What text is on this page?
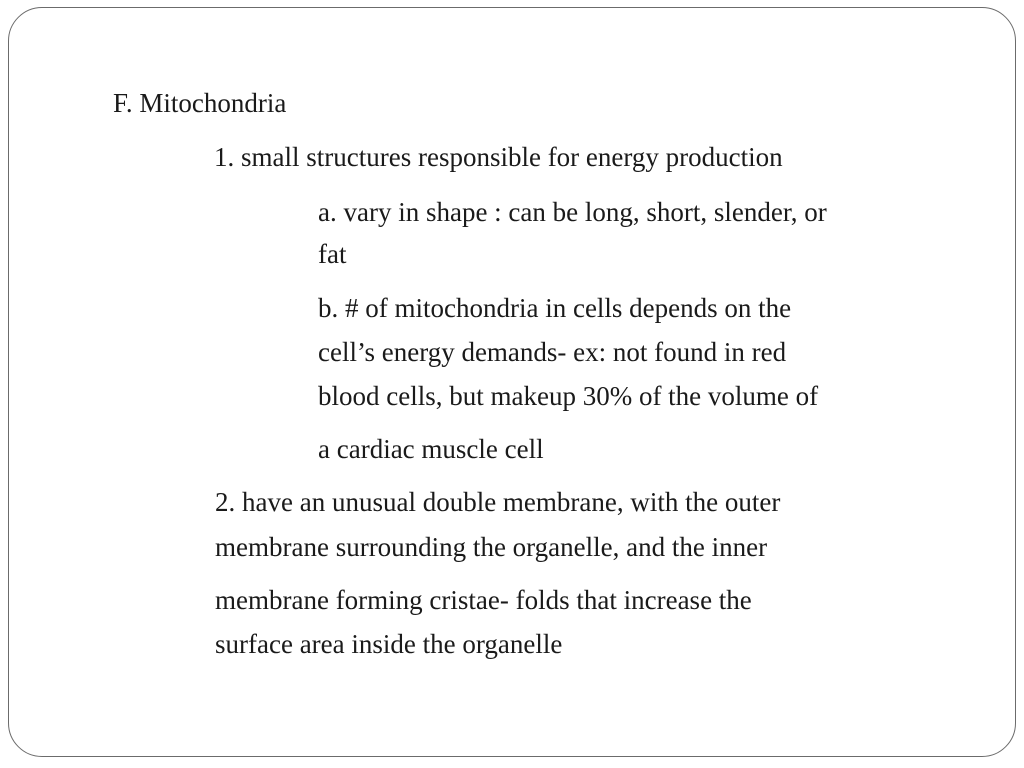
F. Mitochondria
1. small structures responsible for energy production
a. vary in shape : can be long, short, slender, or
fat
b. # of mitochondria in cells depends on the
cell’s energy demands- ex: not found in red
blood cells, but makeup 30% of the volume of
a cardiac muscle cell
2. have an unusual double membrane, with the outer
membrane surrounding the organelle, and the inner
membrane forming cristae- folds that increase the
surface area inside the organelle
